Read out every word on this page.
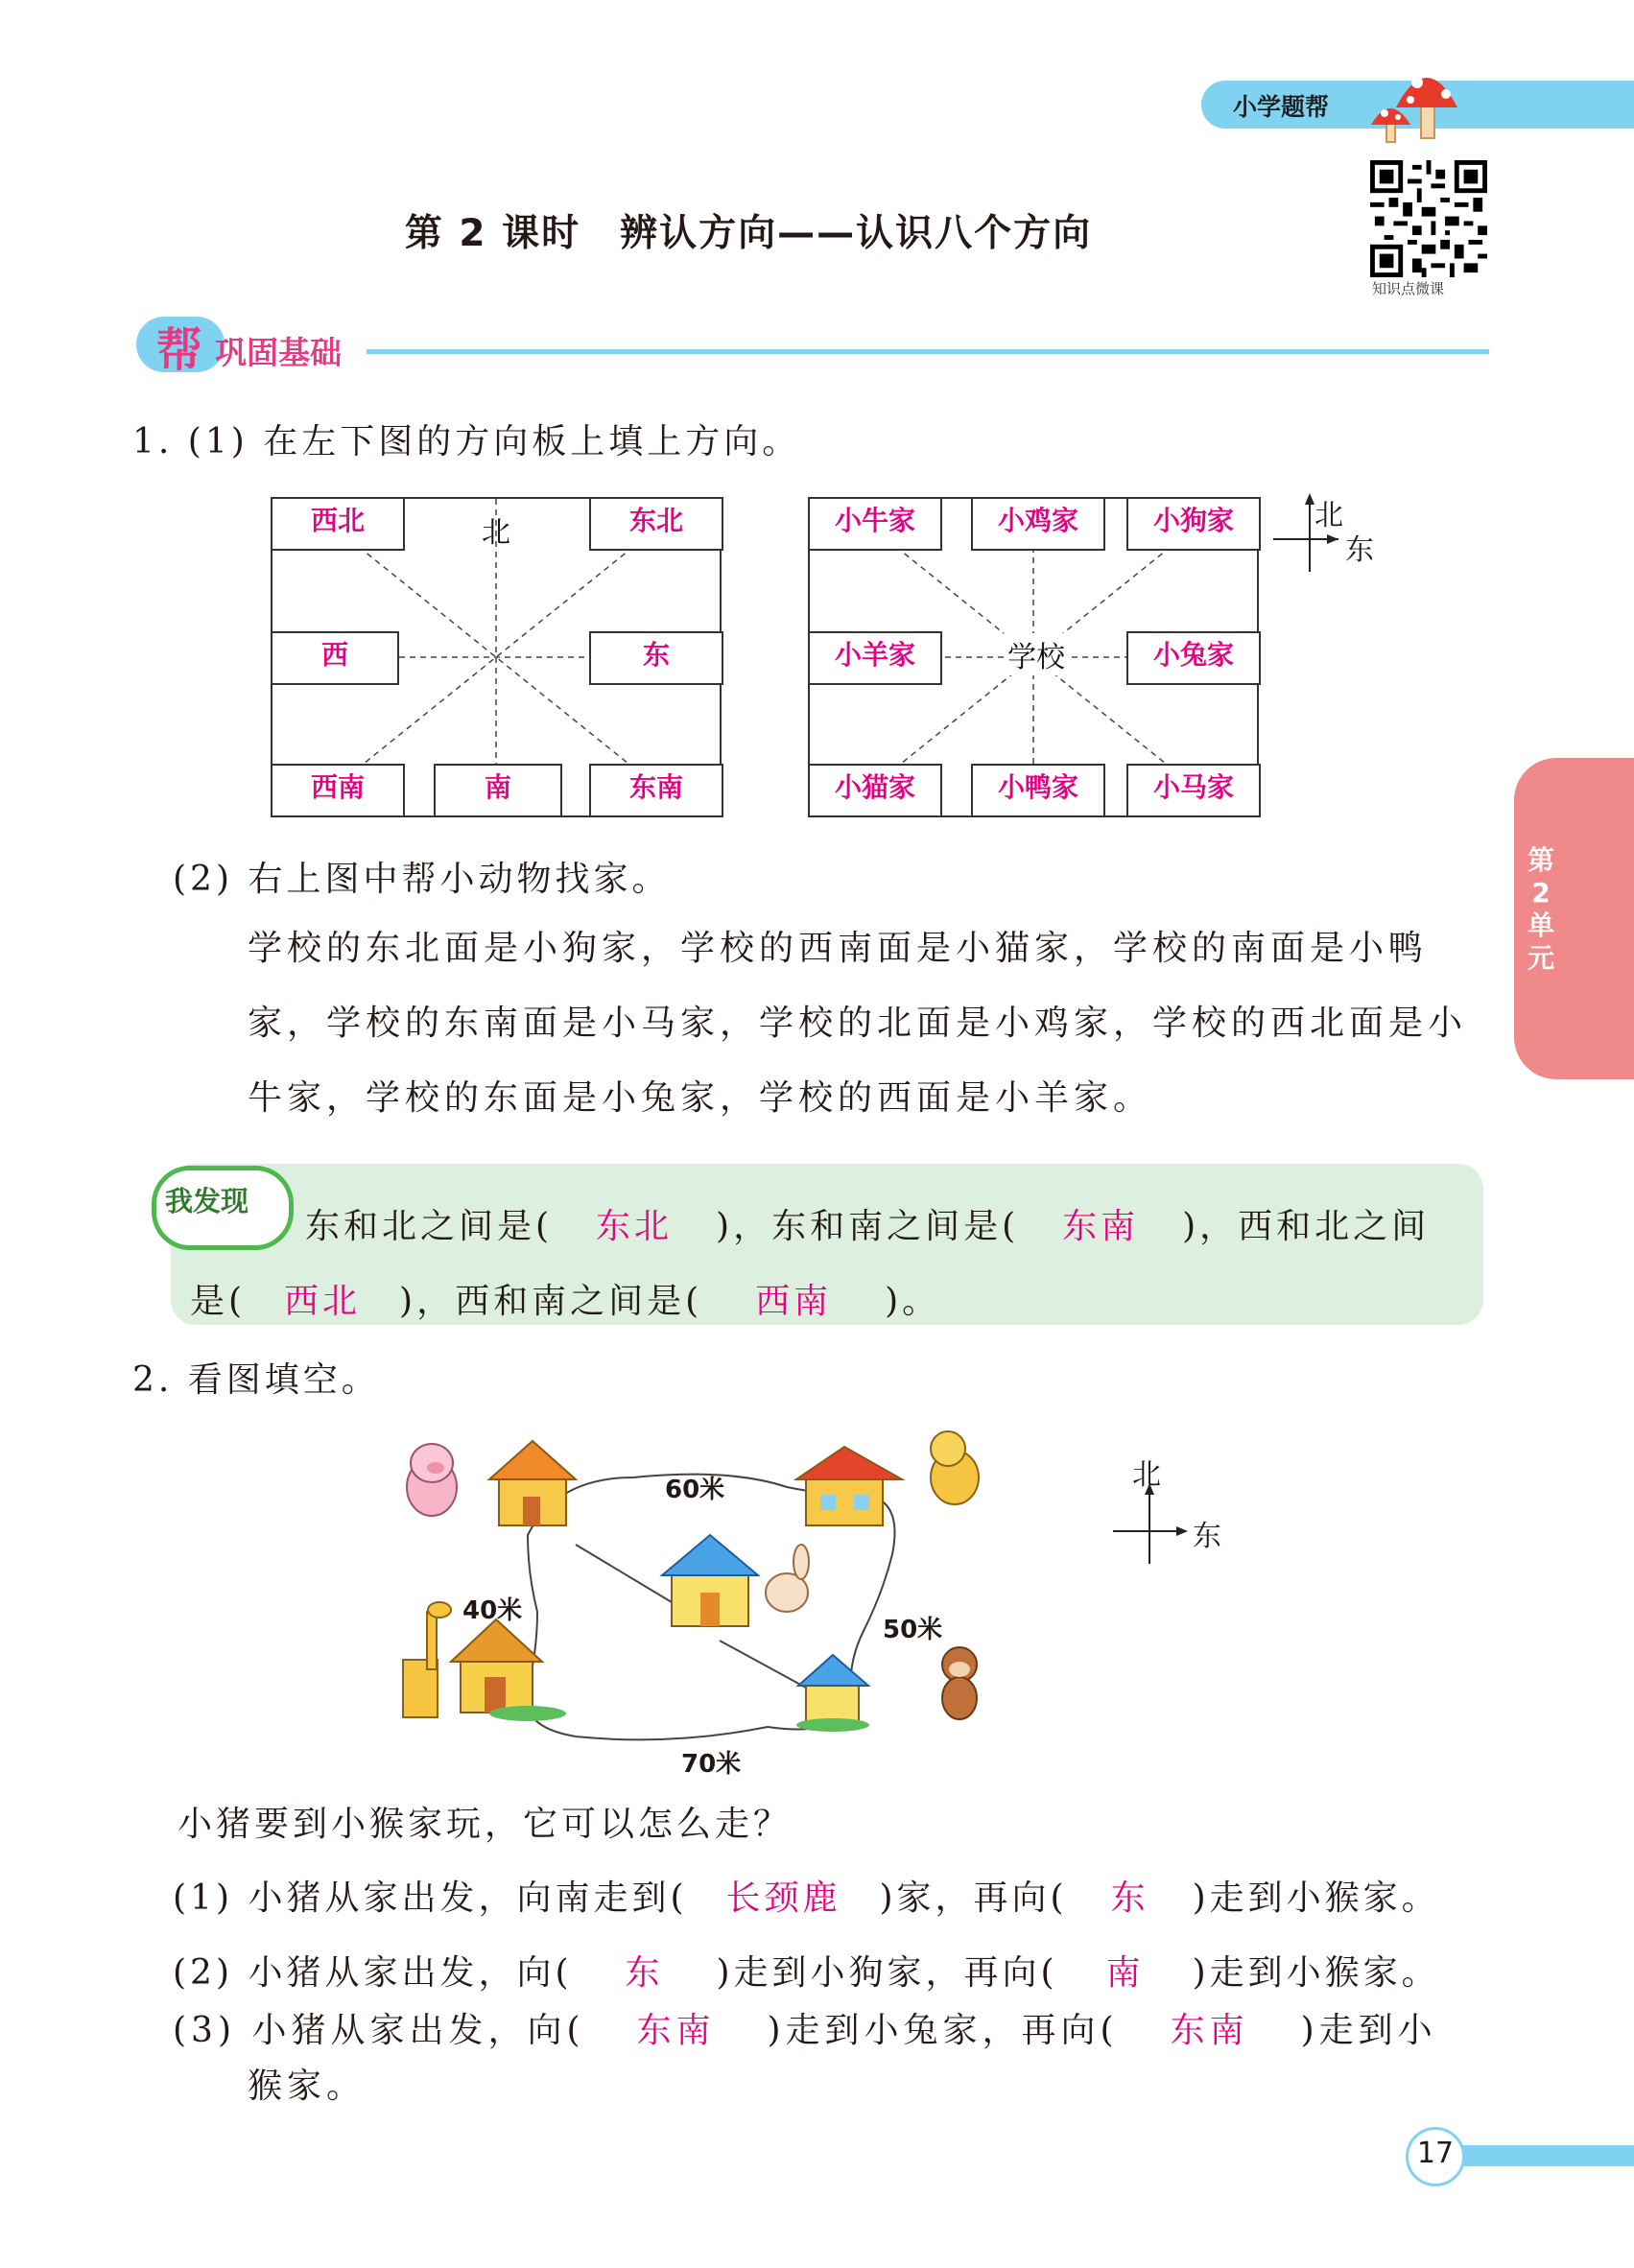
小学题帮
知识点微课
第 2 课时　辨认方向——认识八个方向
帮 巩固基础
1. (1) 在左下图的方向板上填上方向。
西北	北	东北
西	东
西南	南	东南
小牛家	小鸡家	小狗家
小羊家	学校	小兔家
小猫家	小鸭家	小马家
北
东
(2) 右上图中帮小动物找家。
学校的东北面是小狗家，学校的西南面是小猫家，学校的南面是小鸭
家，学校的东南面是小马家，学校的北面是小鸡家，学校的西北面是小
牛家，学校的东面是小兔家，学校的西面是小羊家。
我发现
东和北之间是( 东北 )，东和南之间是( 东南 )，西和北之间
是( 西北 )，西和南之间是( 西南 )。
2. 看图填空。
60米
40米
50米
70米
北
东
小猪要到小猴家玩，它可以怎么走？
(1) 小猪从家出发，向南走到( 长颈鹿 )家，再向( 东 )走到小猴家。
(2) 小猪从家出发，向( 东 )走到小狗家，再向( 南 )走到小猴家。
(3) 小猪从家出发，向( 东南 )走到小兔家，再向( 东南 )走到小
猴家。
第2单元
17
